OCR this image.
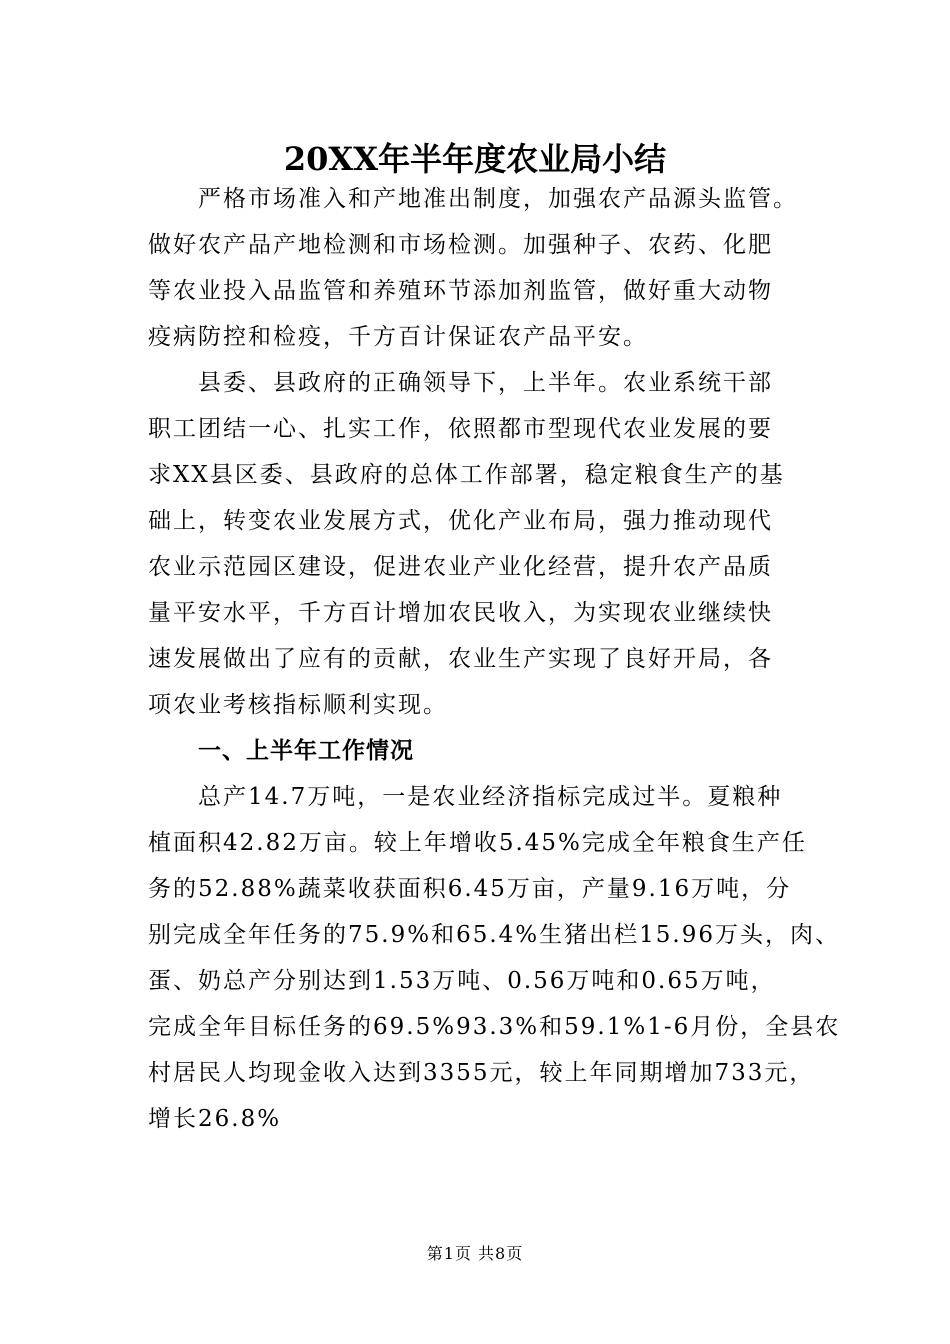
20XX年半年度农业局小结
严格市场准入和产地准出制度，加强农产品源头监管。
做好农产品产地检测和市场检测。加强种子、农药、化肥
等农业投入品监管和养殖环节添加剂监管，做好重大动物
疫病防控和检疫，千方百计保证农产品平安。
县委、县政府的正确领导下，上半年。农业系统干部
职工团结一心、扎实工作，依照都市型现代农业发展的要
求XX县区委、县政府的总体工作部署，稳定粮食生产的基
础上，转变农业发展方式，优化产业布局，强力推动现代
农业示范园区建设，促进农业产业化经营，提升农产品质
量平安水平，千方百计增加农民收入，为实现农业继续快
速发展做出了应有的贡献，农业生产实现了良好开局，各
项农业考核指标顺利实现。
一、上半年工作情况
总产14.7万吨，一是农业经济指标完成过半。夏粮种
植面积42.82万亩。较上年增收5.45%完成全年粮食生产任
务的52.88%蔬菜收获面积6.45万亩，产量9.16万吨，分
别完成全年任务的75.9%和65.4%生猪出栏15.96万头，肉、
蛋、奶总产分别达到1.53万吨、0.56万吨和0.65万吨，
完成全年目标任务的69.5%93.3%和59.1%1-6月份，全县农
村居民人均现金收入达到3355元，较上年同期增加733元，
增长26.8%
第1页 共8页
